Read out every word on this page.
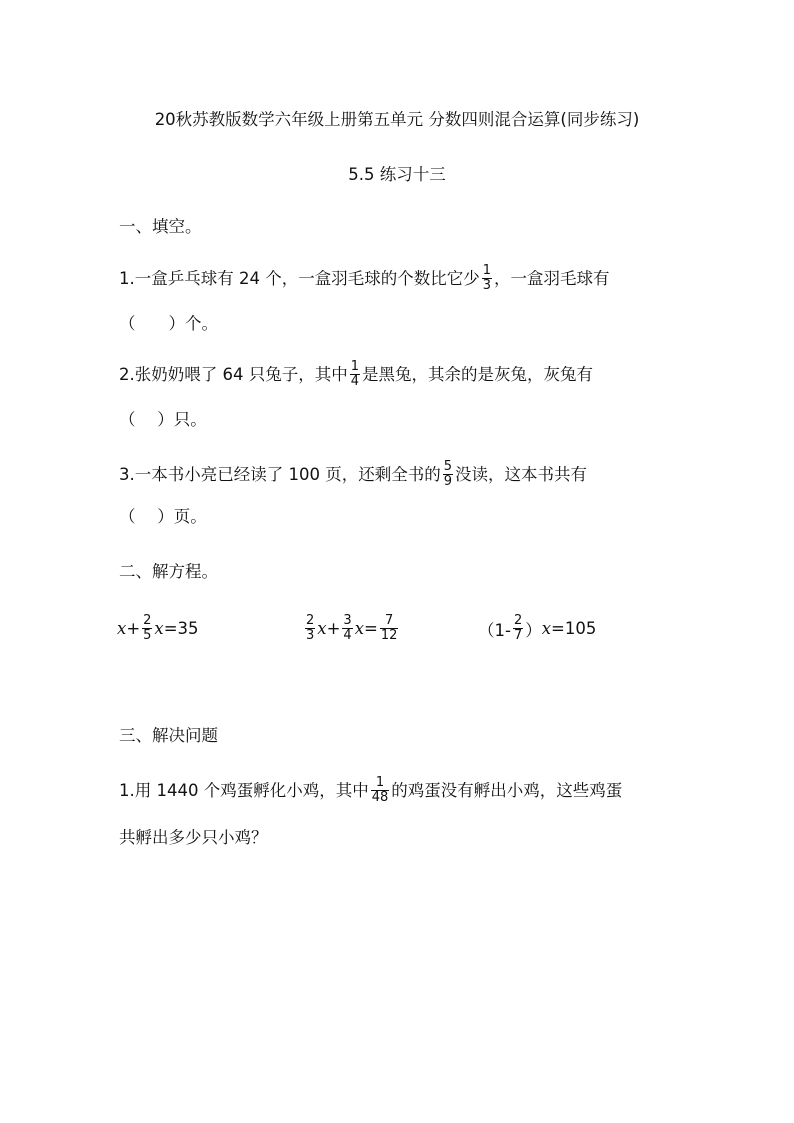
20秋苏教版数学六年级上册第五单元 分数四则混合运算(同步练习)
5.5 练习十三
一、填空。
1.一盒乒乓球有 24 个，一盒羽毛球的个数比它少 $\frac{1}{3}$ ，一盒羽毛球有
（　　）个。
2.张奶奶喂了 64 只兔子，其中 $\frac{1}{4}$ 是黑兔，其余的是灰兔，灰兔有
（　 ）只。
3.一本书小亮已经读了 100 页，还剩全书的 $\frac{5}{9}$ 没读，这本书共有
（　 ）页。
二、解方程。
$x + \frac{2}{5}$ x =35	$\frac{2}{3}$ $x + \frac{3}{4}$ $x = \frac{7}{12}$	（$1- \frac{2}{7}$ ） x =105
三、解决问题
1.用 1440 个鸡蛋孵化小鸡，其中 $\frac{1}{48}$ 的鸡蛋没有孵出小鸡，这些鸡蛋
共孵出多少只小鸡？
